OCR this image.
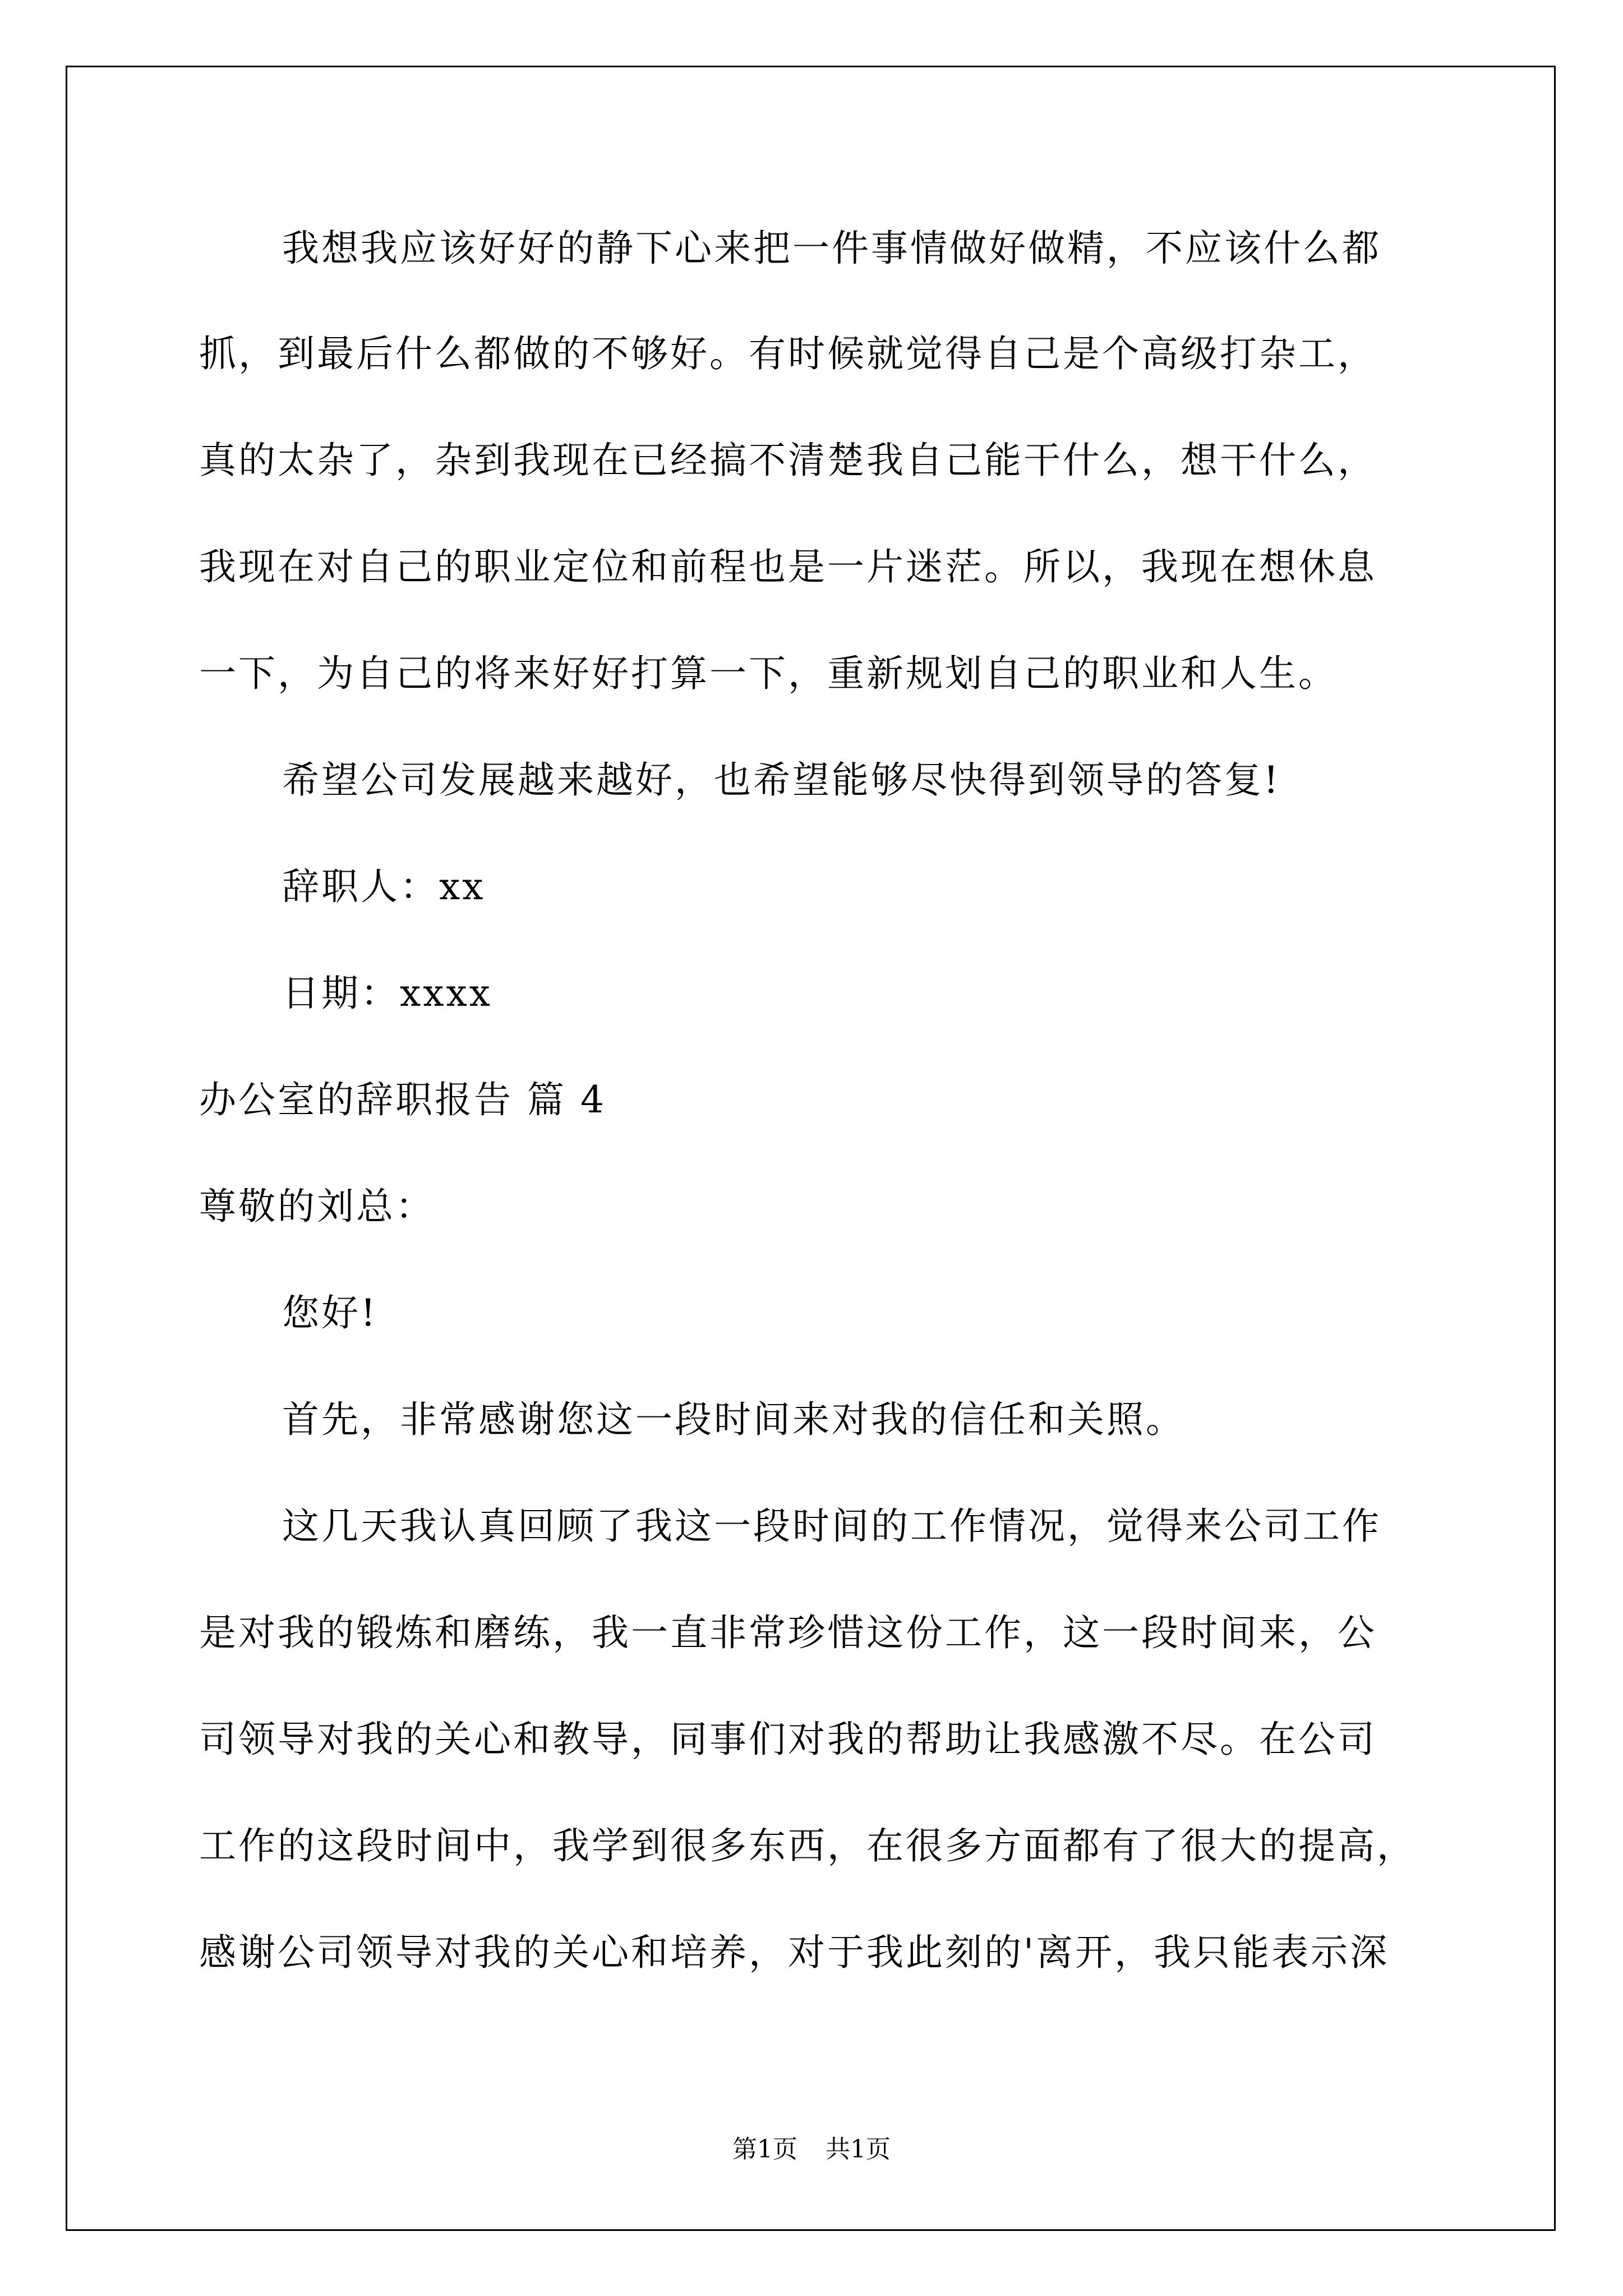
我想我应该好好的静下心来把一件事情做好做精，不应该什么都
抓，到最后什么都做的不够好。有时候就觉得自己是个高级打杂工，
真的太杂了，杂到我现在已经搞不清楚我自己能干什么，想干什么，
我现在对自己的职业定位和前程也是一片迷茫。所以，我现在想休息
一下，为自己的将来好好打算一下，重新规划自己的职业和人生。
希望公司发展越来越好，也希望能够尽快得到领导的答复!
辞职人：xx
日期：xxxx
办公室的辞职报告 篇 4
尊敬的刘总：
您好!
首先，非常感谢您这一段时间来对我的信任和关照。
这几天我认真回顾了我这一段时间的工作情况，觉得来公司工作
是对我的锻炼和磨练，我一直非常珍惜这份工作，这一段时间来，公
司领导对我的关心和教导，同事们对我的帮助让我感激不尽。在公司
工作的这段时间中，我学到很多东西，在很多方面都有了很大的提高，
感谢公司领导对我的关心和培养，对于我此刻的'离开，我只能表示深
第1页 共1页
